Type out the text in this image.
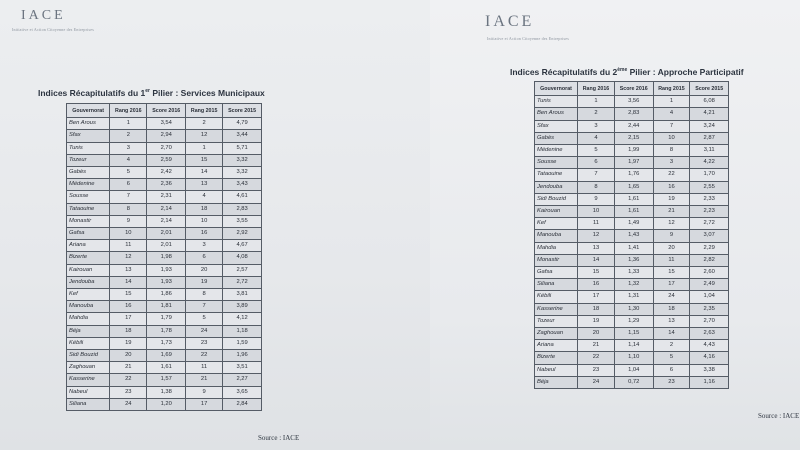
IACE
Initiative et Action Citoyenne des Entreprises
Indices Récapitulatifs du 1er Pilier : Services Municipaux
Gouvernorat	Rang 2016	Score 2016	Rang 2015	Score 2015
Ben Arous	1	3,54	2	4,79
Sfax	2	2,94	12	3,44
Tunis	3	2,70	1	5,71
Tozeur	4	2,59	15	3,32
Gabès	5	2,42	14	3,32
Médenine	6	2,36	13	3,43
Sousse	7	2,31	4	4,61
Tataouine	8	2,14	18	2,83
Monastir	9	2,14	10	3,55
Gafsa	10	2,01	16	2,92
Ariana	11	2,01	3	4,67
Bizerte	12	1,98	6	4,08
Kairouan	13	1,93	20	2,57
Jendouba	14	1,93	19	2,72
Kef	15	1,86	8	3,81
Manouba	16	1,81	7	3,89
Mahdia	17	1,79	5	4,12
Béja	18	1,78	24	1,18
Kébili	19	1,73	23	1,59
Sidi Bouzid	20	1,69	22	1,96
Zaghouan	21	1,61	11	3,51
Kasserine	22	1,57	21	2,27
Nabeul	23	1,38	9	3,65
Siliana	24	1,20	17	2,84
Source : IACE
IACE
Initiative et Action Citoyenne des Entreprises
Indices Récapitulatifs du 2ème Pilier : Approche Participatif
Gouvernorat	Rang 2016	Score 2016	Rang 2015	Score 2015
Tunis	1	3,56	1	6,08
Ben Arous	2	2,83	4	4,21
Sfax	3	2,44	7	3,24
Gabès	4	2,15	10	2,87
Médenine	5	1,99	8	3,11
Sousse	6	1,97	3	4,22
Tataouine	7	1,76	22	1,70
Jendouba	8	1,65	16	2,55
Sidi Bouzid	9	1,61	19	2,33
Kairouan	10	1,61	21	2,23
Kef	11	1,49	12	2,72
Manouba	12	1,43	9	3,07
Mahdia	13	1,41	20	2,29
Monastir	14	1,36	11	2,82
Gafsa	15	1,33	15	2,60
Siliana	16	1,32	17	2,49
Kébili	17	1,31	24	1,04
Kasserine	18	1,30	18	2,35
Tozeur	19	1,29	13	2,70
Zaghouan	20	1,15	14	2,63
Ariana	21	1,14	2	4,43
Bizerte	22	1,10	5	4,16
Nabeul	23	1,04	6	3,38
Béja	24	0,72	23	1,16
Source : IACE
